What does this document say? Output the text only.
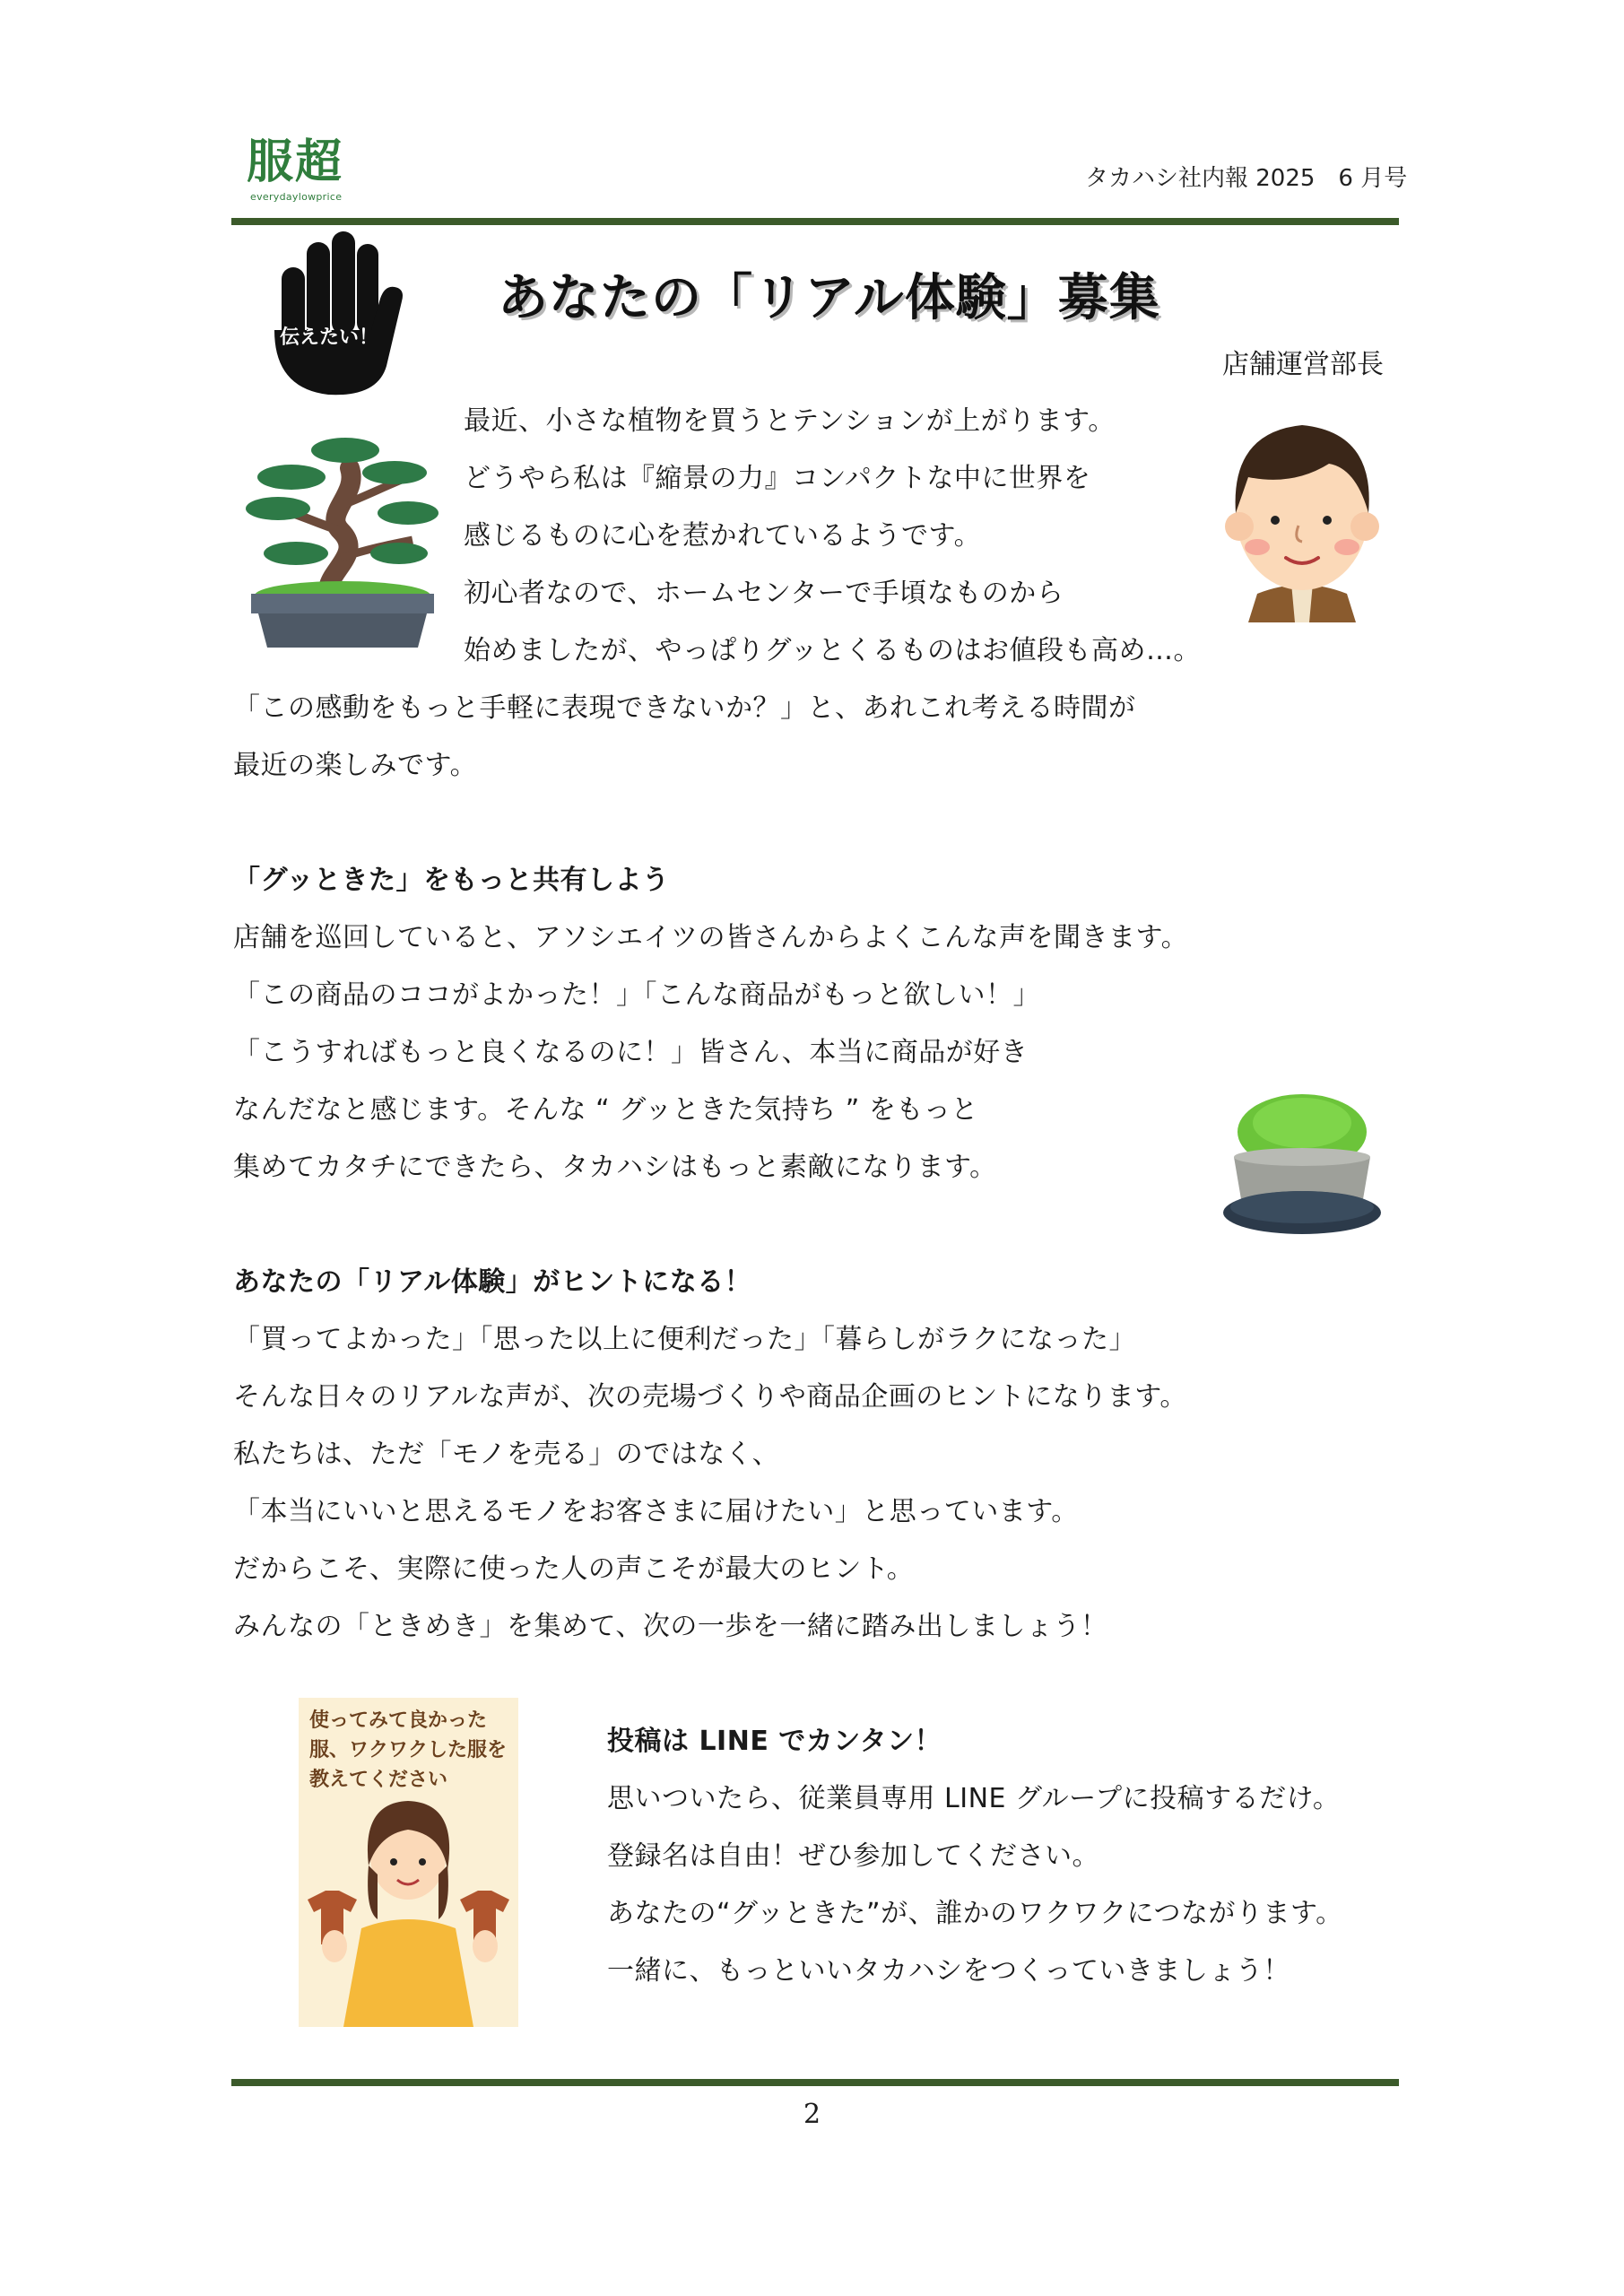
服超
everydaylowprice
タカハシ社内報 2025　6 月号
伝えたい！
あなたの「リアル体験」募集
店舗運営部長
最近、小さな植物を買うとテンションが上がります。
どうやら私は『縮景の力』コンパクトな中に世界を
感じるものに心を惹かれているようです。
初心者なので、ホームセンターで手頃なものから
始めましたが、やっぱりグッとくるものはお値段も高め…。
「この感動をもっと手軽に表現できないか？」と、あれこれ考える時間が
最近の楽しみです。
「グッときた」をもっと共有しよう
店舗を巡回していると、アソシエイツの皆さんからよくこんな声を聞きます。
「この商品のココがよかった！」「こんな商品がもっと欲しい！」
「こうすればもっと良くなるのに！」皆さん、本当に商品が好き
なんだなと感じます。そんな “ グッときた気持ち ” をもっと
集めてカタチにできたら、タカハシはもっと素敵になります。
あなたの「リアル体験」がヒントになる！
「買ってよかった」「思った以上に便利だった」「暮らしがラクになった」
そんな日々のリアルな声が、次の売場づくりや商品企画のヒントになります。
私たちは、ただ「モノを売る」のではなく、
「本当にいいと思えるモノをお客さまに届けたい」と思っています。
だからこそ、実際に使った人の声こそが最大のヒント。
みんなの「ときめき」を集めて、次の一歩を一緒に踏み出しましょう！
使ってみて良かった服、ワクワクした服を教えてください
投稿は LINE でカンタン！
思いついたら、従業員専用 LINE グループに投稿するだけ。
登録名は自由！ぜひ参加してください。
あなたの“グッときた”が、誰かのワクワクにつながります。
一緒に、もっといいタカハシをつくっていきましょう！
2
